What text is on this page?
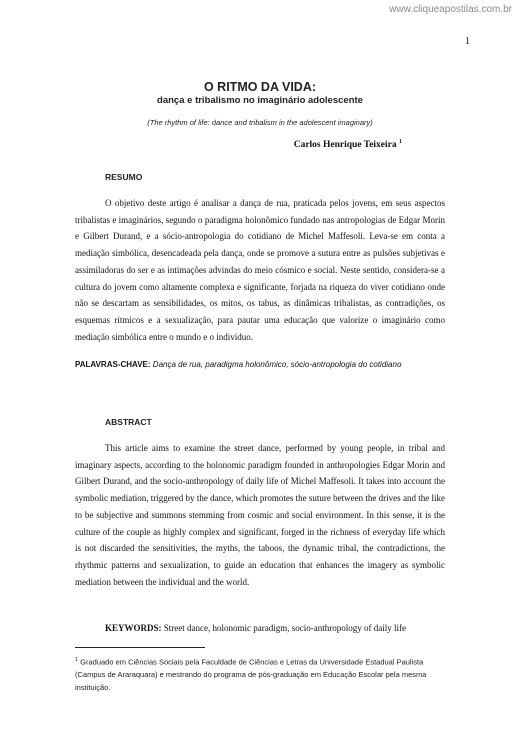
www.cliqueapostilas.com.br
1
O RITMO DA VIDA:
dança e tribalismo no imaginário adolescente
(The rhythm of life: dance and tribalism in the adolescent imaginary)
Carlos Henrique Teixeira $^1$
RESUMO

O objetivo deste artigo é analisar a dança de rua, praticada pelos jovens, em seus aspectos tribalistas e imaginários, segundo o paradigma holonômico fundado nas antropologias de Edgar Morin e Gilbert Durand, e a sócio-antropologia do cotidiano de Michel Maffesoli. Leva-se em conta a mediação simbólica, desencadeada pela dança, onde se promove a sutura entre as pulsões subjetivas e assimiladoras do ser e as intimações advindas do meio cósmico e social. Neste sentido, considera-se a cultura do jovem como altamente complexa e significante, forjada na riqueza do viver cotidiano onde não se descartam as sensibilidades, os mitos, os tabus, as dinâmicas tribalistas, as contradições, os esquemas rítmicos e a sexualização, para pautar uma educação que valorize o imaginário como mediação simbólica entre o mundo e o indivíduo.

PALAVRAS-CHAVE: Dança de rua, paradigma holonômico, sócio-antropologia do cotidiano
ABSTRACT

This article aims to examine the street dance, performed by young people, in tribal and imaginary aspects, according to the holonomic paradigm founded in anthropologies Edgar Morin and Gilbert Durand, and the socio-anthropology of daily life of Michel Maffesoli. It takes into account the symbolic mediation, triggered by the dance, which promotes the suture between the drives and the like to be subjective and summons stemming from cosmic and social environment. In this sense, it is the culture of the couple as highly complex and significant, forged in the richness of everyday life which is not discarded the sensitivities, the myths, the taboos, the dynamic tribal, the contradictions, the rhythmic patterns and sexualization, to guide an education that enhances the imagery as symbolic mediation between the individual and the world.

KEYWORDS: Street dance, holonomic paradigm, socio-anthropology of daily life
$^1$ Graduado em Ciências Sociais pela Faculdade de Ciências e Letras da Universidade Estadual Paulista (Campus de Araraquara) e mestrando do programa de pós-graduação em Educação Escolar pela mesma instituição.
